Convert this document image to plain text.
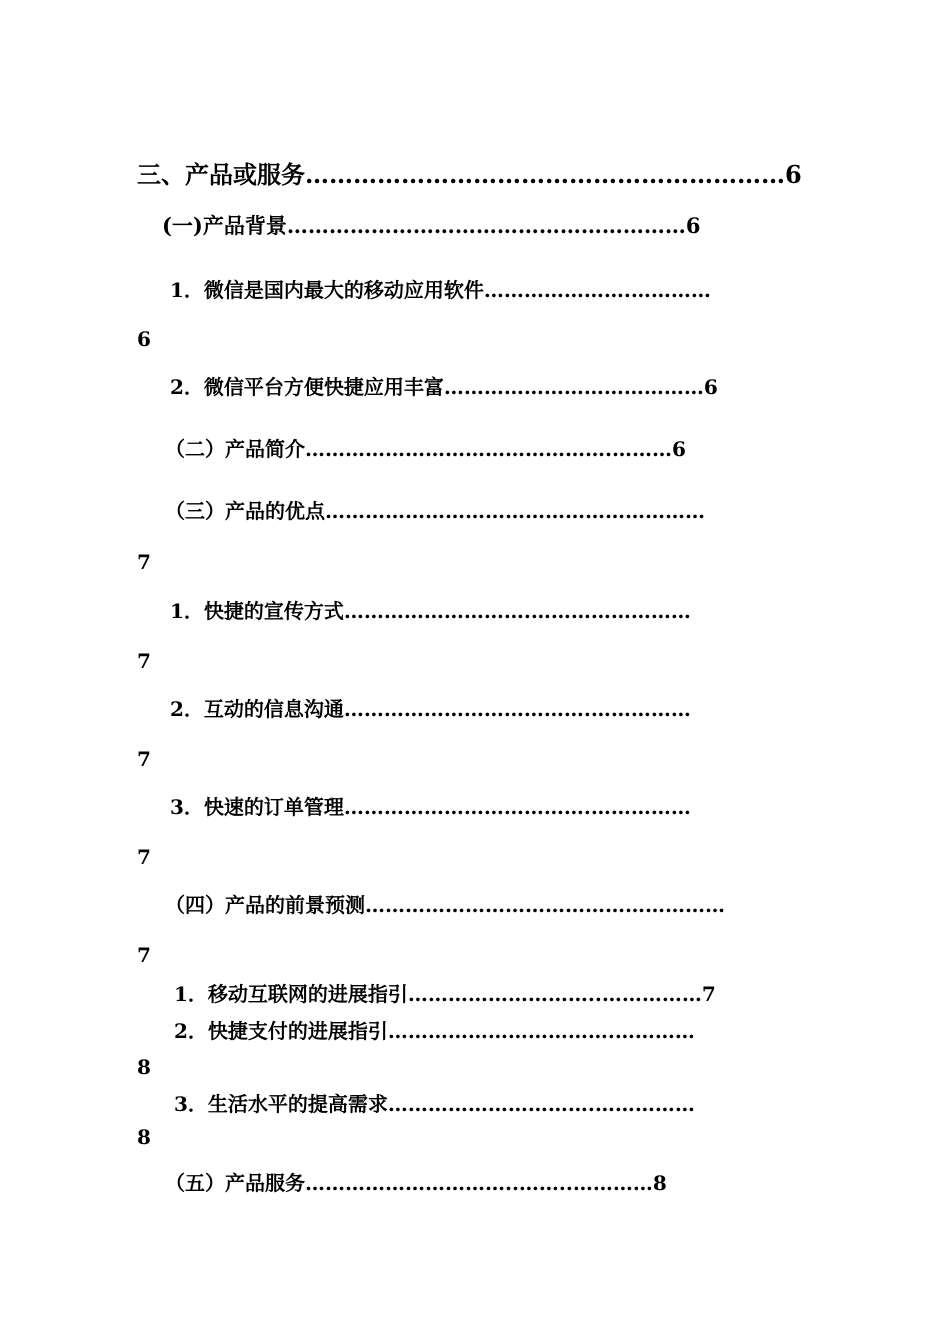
三、产品或服务……………………………………………………6
(一)产品背景…………………………………………………6
1．微信是国内最大的移动应用软件………………….…………
6
2．微信平台方便快捷应用丰富…………………………………6
（二）产品简介……………………………………….………6
（三）产品的优点…………………………………………………
7
1．快捷的宣传方式……………………….……………………
7
2．互动的信息沟通……………………………….……………
7
3．快速的订单管理……………………………….……………
7
（四）产品的前景预测………………………………………………
7
1．移动互联网的进展指引………………………..……………7
2．快捷支付的进展指引…………………………….…………
8
3．生活水平的提高需求………………………….……………
8
（五）产品服务…………………………..……..…………8
